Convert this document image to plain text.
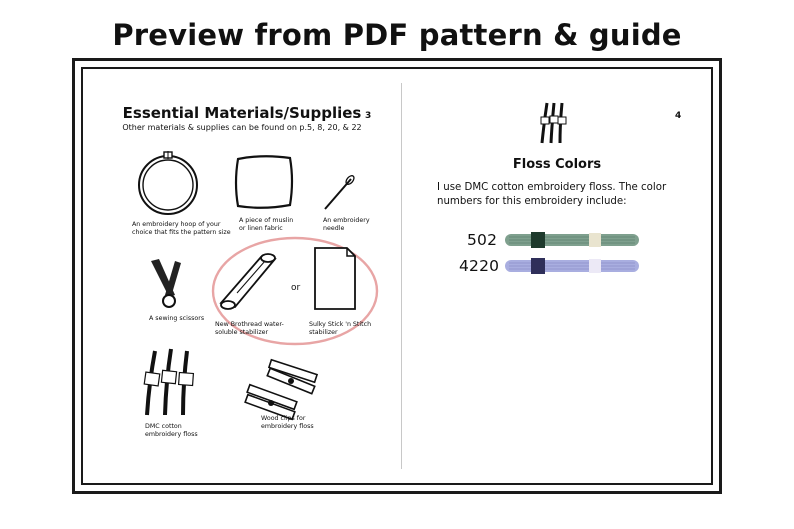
Preview from PDF pattern & guide
3
Essential Materials/Supplies
Other materials & supplies can be found on p.5, 8, 20, & 22
An embroidery hoop of your
choice that fits the pattern size
A piece of muslin
or linen fabric
An embroidery
needle
A sewing scissors
New Brothread water-
soluble stabilizer
or
Sulky Stick 'n Stitch
stabilizer
DMC cotton
embroidery floss
Wood clips for
embroidery floss
4
Floss Colors
I use DMC cotton embroidery floss. The color numbers for this embroidery include:
502
4220
